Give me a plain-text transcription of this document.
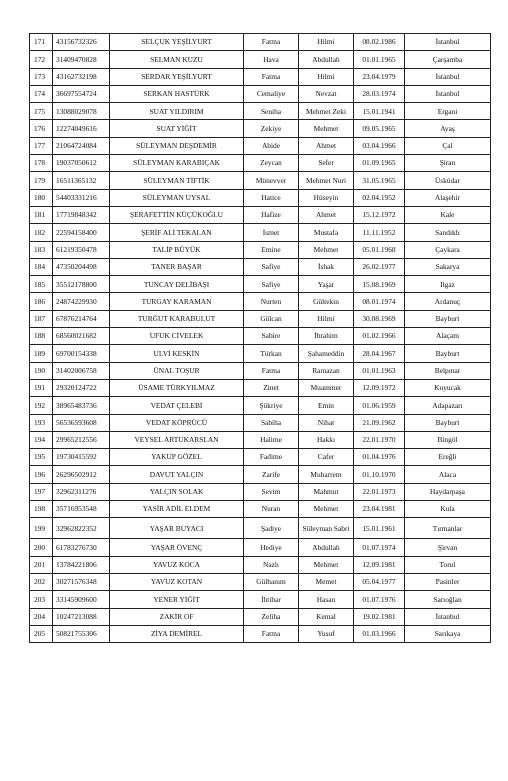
171	43156732326	SELÇUK YEŞİLYURT	Fatma	Hilmi	08.02.1986	İstanbul
172	31409470828	SELMAN KUZU	Hava	Abdullah	01.01.1965	Çarşamba
173	43162732198	SERDAR YEŞİLYURT	Fatma	Hilmi	23.04.1979	İstanbul
174	36697554724	SERKAN HASTÜRK	Cemaliye	Nevzat	28.03.1974	İstanbul
175	13088029078	SUAT YILDIRIM	Seniha	Mehmet Zeki	15.01.1941	Ergani
176	12274049616	SUAT YİĞİT	Zekiye	Mehmet	09.05.1965	Ayaş
177	21064724084	SÜLEYMAN DEŞDEMİR	Abide	Ahmet	03.04.1966	Çal
178	19037050612	SÜLEYMAN KARABIÇAK	Zeycan	Sefer	01.09.1965	Şiran
179	16511365132	SÜLEYMAN TİFTİK	Münevver	Mehmet Nuri	31.05.1965	Üsküdar
180	54403331216	SÜLEYMAN UYSAL	Hatice	Hüseyin	02.04.1952	Alaşehir
181	17719848342	ŞERAFETTİN KÜÇÜKOĞLU	Hafize	Ahmet	15.12.1972	Kale
182	22594158400	ŞERİF ALİ TEKALAN	İsmet	Mustafa	11.11.1952	Sandıklı
183	61219350478	TALİP BÜYÜK	Emine	Mehmet	05.01.1968	Çaykara
184	47350204498	TANER BAŞAR	Safiye	İshak	26.02.1977	Sakarya
185	35512178800	TUNCAY DELİBAŞI	Safiye	Yaşar	15.08.1969	Ilgaz
186	24874229930	TURGAY KARAMAN	Nurten	Gültekin	08.01.1974	Ardanuç
187	67876214764	TURĞUT KARABULUT	Gülcan	Hilmi	30.08.1969	Bayburt
188	68560021682	UFUK CİVELEK	Sabire	İbrahim	01.02.1966	Alaçam
189	69700154338	ULVİ KESKİN	Türkan	Şahameddin	28.04.1967	Bayburt
190	31402006758	ÜNAL TOŞUR	Fatma	Ramazan	01.01.1963	Belpınar
191	29320124722	ÜSAME TÜRKYILMAZ	Zinet	Muammer	12.09.1972	Kuyucak
192	38965483736	VEDAT ÇELEBİ	Şükriye	Emin	01.06.1959	Adapazarı
193	56536593608	VEDAT KÖPRÜCÜ	Sabiha	Nihat	21.09.1962	Bayburt
194	29965212556	VEYSEL ARTUKARSLAN	Halime	Hakkı	22.01.1970	Bingöl
195	19730415592	YAKUP GÖZEL	Fadime	Cafer	01.04.1976	Ereğli
196	26296502912	DAVUT YALÇIN	Zarife	Muharrem	01.10.1970	Alaca
197	32962311276	YALÇIN SOLAK	Sevim	Mahmut	22.01.1973	Haydarpaşa
198	35716953548	YASİR ADİL ELDEM	Nuran	Mehmet	23.04.1981	Kula
199	32962822352	YAŞAR BUYACI	Şadiye	Süleyman Sabri	15.01.1961	Tırmanlar
200	61783276730	YAŞAR ÖVENÇ	Hediye	Abdullah	01.07.1974	Şirvan
201	13784221806	YAVUZ KOCA	Nazlı	Mehmet	12.09.1981	Torul
202	30271576348	YAVUZ KOTAN	Gülhanım	Memet	05.04.1977	Pasinler
203	33145909600	YENER YİĞİT	İhtibar	Hasan	01.07.1976	Sarıoğlan
204	10247213088	ZAKİR OF	Zeliha	Kemal	19.02.1981	İstanbul
205	50821755306	ZİYA DEMİREL	Fatma	Yusuf	01.03.1966	Sarıkaya
